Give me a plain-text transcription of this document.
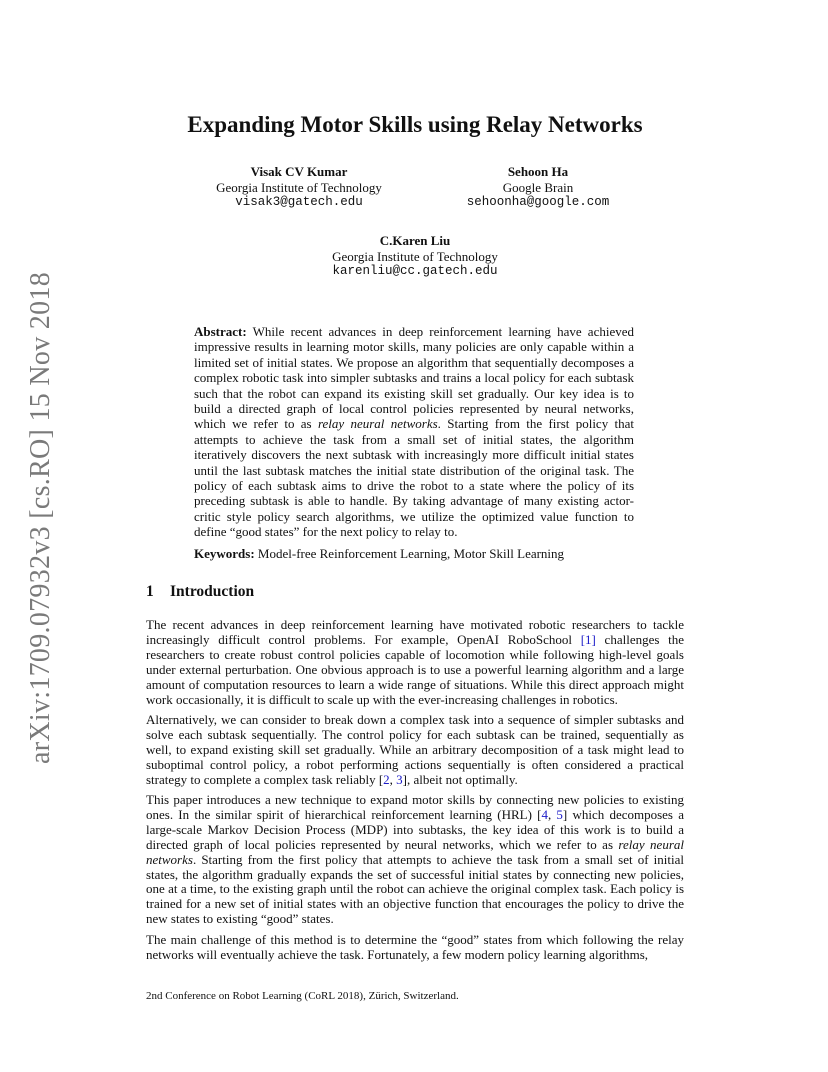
arXiv:1709.07932v3 [cs.RO] 15 Nov 2018
Expanding Motor Skills using Relay Networks
Visak CV Kumar
Georgia Institute of Technology
visak3@gatech.edu
Sehoon Ha
Google Brain
sehoonha@google.com
C.Karen Liu
Georgia Institute of Technology
karenliu@cc.gatech.edu

Abstract: While recent advances in deep reinforcement learning have achieved impressive results in learning motor skills, many policies are only capable within a limited set of initial states. We propose an algorithm that sequentially decomposes a complex robotic task into simpler subtasks and trains a local policy for each subtask such that the robot can expand its existing skill set gradually. Our key idea is to build a directed graph of local control policies represented by neural networks, which we refer to as relay neural networks. Starting from the first policy that attempts to achieve the task from a small set of initial states, the algorithm iteratively discovers the next subtask with increasingly more difficult initial states until the last subtask matches the initial state distribution of the original task. The policy of each subtask aims to drive the robot to a state where the policy of its preceding subtask is able to handle. By taking advantage of many existing actor-critic style policy search algorithms, we utilize the optimized value function to define “good states” for the next policy to relay to.

Keywords: Model-free Reinforcement Learning, Motor Skill Learning

1 Introduction

The recent advances in deep reinforcement learning have motivated robotic researchers to tackle increasingly difficult control problems. For example, OpenAI RoboSchool [1] challenges the researchers to create robust control policies capable of locomotion while following high-level goals under external perturbation. One obvious approach is to use a powerful learning algorithm and a large amount of computation resources to learn a wide range of situations. While this direct approach might work occasionally, it is difficult to scale up with the ever-increasing challenges in robotics.

Alternatively, we can consider to break down a complex task into a sequence of simpler subtasks and solve each subtask sequentially. The control policy for each subtask can be trained, sequentially as well, to expand existing skill set gradually. While an arbitrary decomposition of a task might lead to suboptimal control policy, a robot performing actions sequentially is often considered a practical strategy to complete a complex task reliably [2, 3], albeit not optimally.

This paper introduces a new technique to expand motor skills by connecting new policies to existing ones. In the similar spirit of hierarchical reinforcement learning (HRL) [4, 5] which decomposes a large-scale Markov Decision Process (MDP) into subtasks, the key idea of this work is to build a directed graph of local policies represented by neural networks, which we refer to as relay neural networks. Starting from the first policy that attempts to achieve the task from a small set of initial states, the algorithm gradually expands the set of successful initial states by connecting new policies, one at a time, to the existing graph until the robot can achieve the original complex task. Each policy is trained for a new set of initial states with an objective function that encourages the policy to drive the new states to existing “good” states.

The main challenge of this method is to determine the “good” states from which following the relay networks will eventually achieve the task. Fortunately, a few modern policy learning algorithms,

2nd Conference on Robot Learning (CoRL 2018), Zürich, Switzerland.
